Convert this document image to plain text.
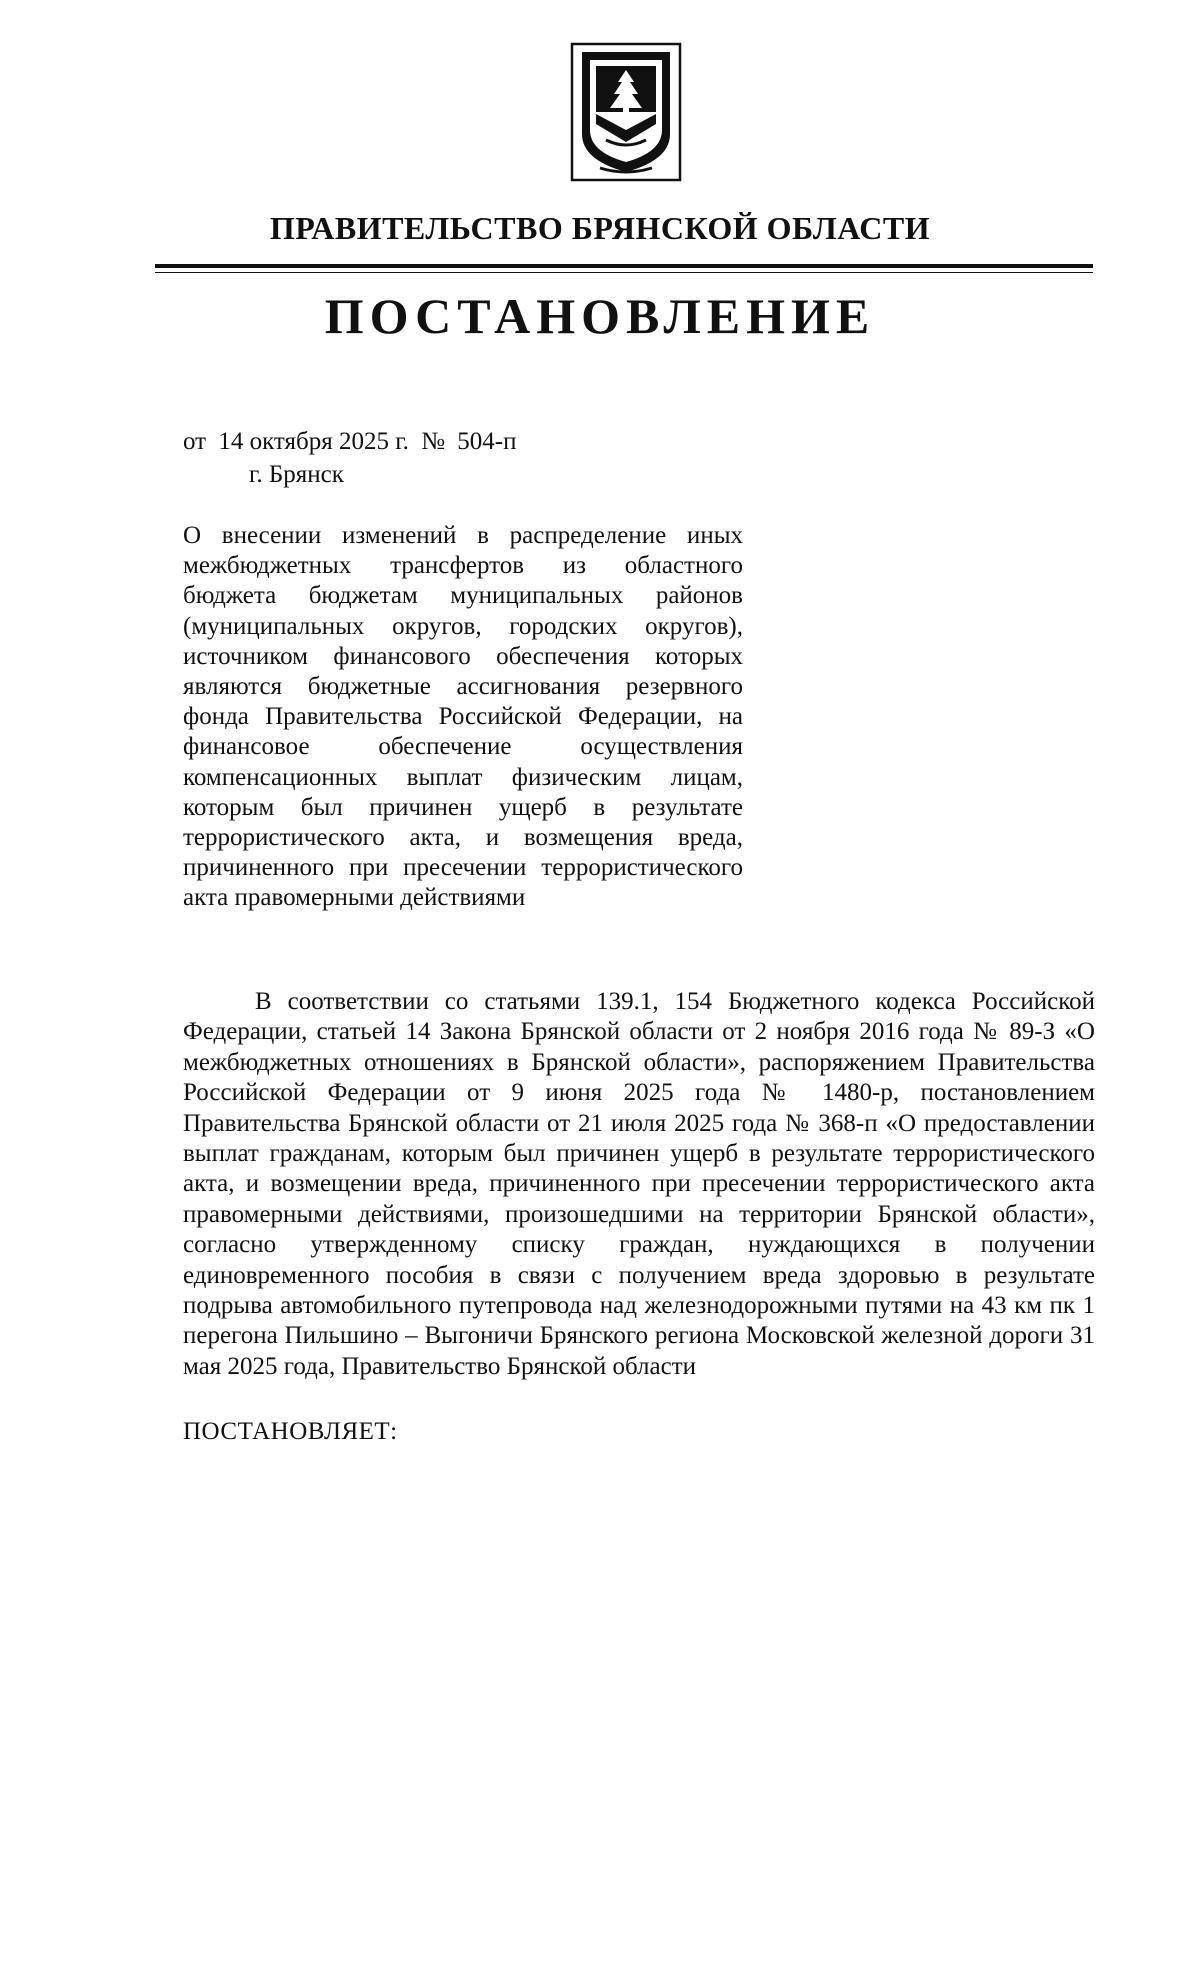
ПРАВИТЕЛЬСТВО БРЯНСКОЙ ОБЛАСТИ
ПОСТАНОВЛЕНИЕ
от 14 октября 2025 г. № 504-п
г. Брянск
О внесении изменений в распределение иных межбюджетных трансфертов из областного бюджета бюджетам муниципальных районов (муниципальных округов, городских округов), источником финансового обеспечения которых являются бюджетные ассигнования резервного фонда Правительства Российской Федерации, на финансовое обеспечение осуществления компенсационных выплат физическим лицам, которым был причинен ущерб в результате террористического акта, и возмещения вреда, причиненного при пресечении террористического акта правомерными действиями
В соответствии со статьями 139.1, 154 Бюджетного кодекса Российской Федерации, статьей 14 Закона Брянской области от 2 ноября 2016 года № 89-З «О межбюджетных отношениях в Брянской области», распоряжением Правительства Российской Федерации от 9 июня 2025 года № 1480-р, постановлением Правительства Брянской области от 21 июля 2025 года № 368-п «О предоставлении выплат гражданам, которым был причинен ущерб в результате террористического акта, и возмещении вреда, причиненного при пресечении террористического акта правомерными действиями, произошедшими на территории Брянской области», согласно утвержденному списку граждан, нуждающихся в получении единовременного пособия в связи с получением вреда здоровью в результате подрыва автомобильного путепровода над железнодорожными путями на 43 км пк 1 перегона Пильшино – Выгоничи Брянского региона Московской железной дороги 31 мая 2025 года, Правительство Брянской области
ПОСТАНОВЛЯЕТ:
